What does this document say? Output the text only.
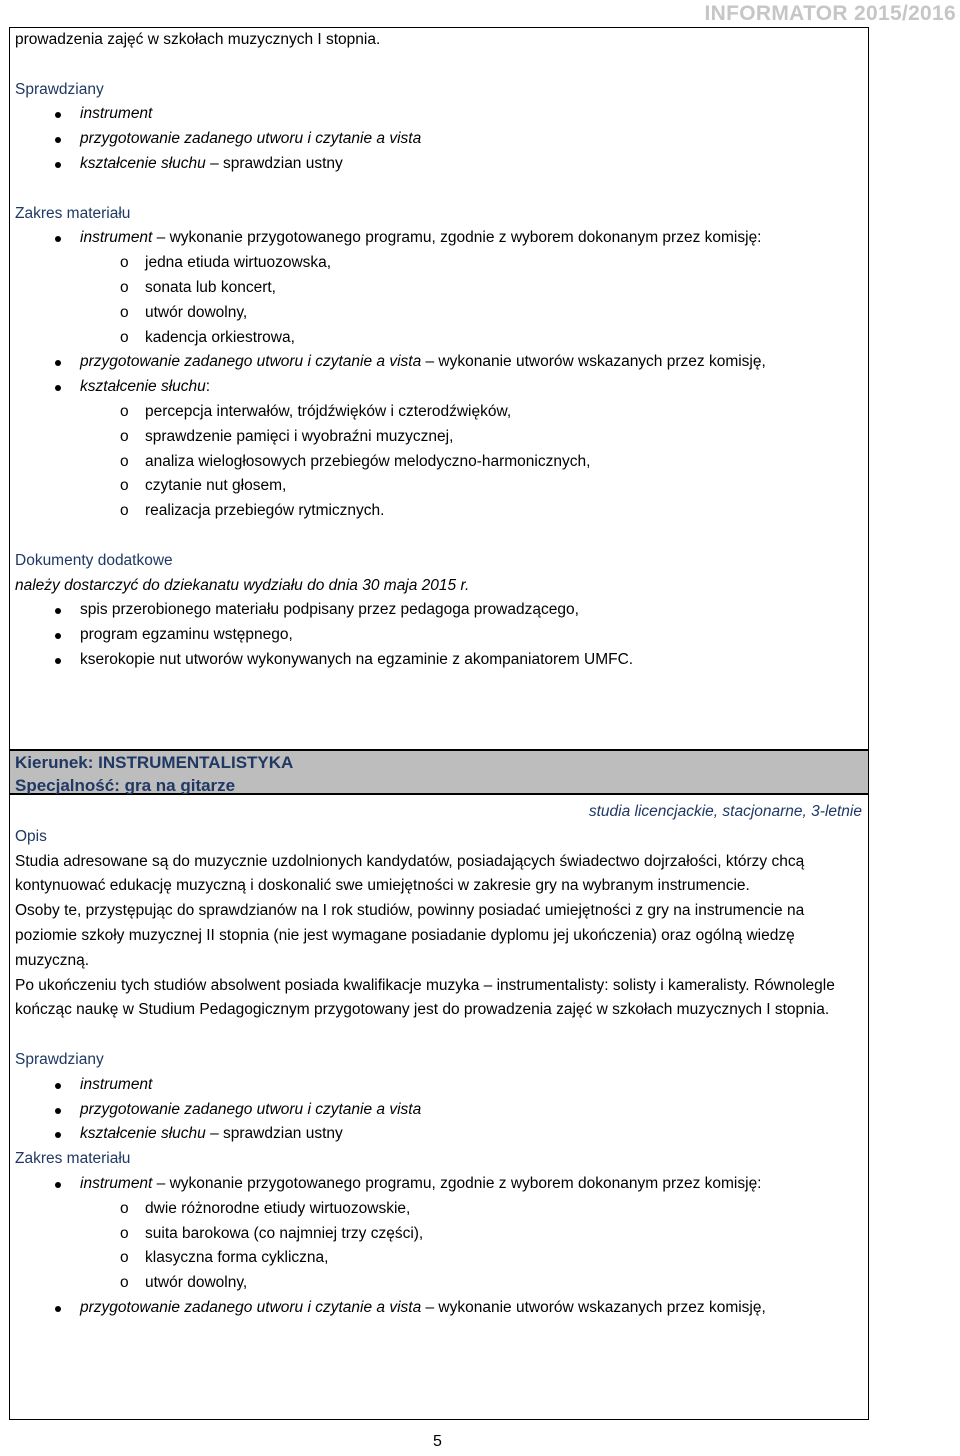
INFORMATOR 2015/2016

prowadzenia zajęć w szkołach muzycznych I stopnia.

Sprawdziany

instrument
przygotowanie zadanego utworu i czytanie a vista
kształcenie słuchu – sprawdzian ustny

Zakres materiału

instrument – wykonanie przygotowanego programu, zgodnie z wyborem dokonanym przez komisję:
o jedna etiuda wirtuozowska,
o sonata lub koncert,
o utwór dowolny,
o kadencja orkiestrowa,
przygotowanie zadanego utworu i czytanie a vista – wykonanie utworów wskazanych przez komisję,
kształcenie słuchu:
o percepcja interwałów, trójdźwięków i czterodźwięków,
o sprawdzenie pamięci i wyobraźni muzycznej,
o analiza wielogłosowych przebiegów melodyczno-harmonicznych,
o czytanie nut głosem,
o realizacja przebiegów rytmicznych.

Dokumenty dodatkowe

należy dostarczyć do dziekanatu wydziału do dnia 30 maja 2015 r.

spis przerobionego materiału podpisany przez pedagoga prowadzącego,
program egzaminu wstępnego,
kserokopie nut utworów wykonywanych na egzaminie z akompaniatorem UMFC.
Kierunek: INSTRUMENTALISTYKA
Specjalność: gra na gitarze

studia licencjackie, stacjonarne, 3-letnie

Opis

Studia adresowane są do muzycznie uzdolnionych kandydatów, posiadających świadectwo dojrzałości, którzy chcą kontynuować edukację muzyczną i doskonalić swe umiejętności w zakresie gry na wybranym instrumencie.

Osoby te, przystępując do sprawdzianów na I rok studiów, powinny posiadać umiejętności z gry na instrumencie na poziomie szkoły muzycznej II stopnia (nie jest wymagane posiadanie dyplomu jej ukończenia) oraz ogólną wiedzę muzyczną.

Po ukończeniu tych studiów absolwent posiada kwalifikacje muzyka – instrumentalisty: solisty i kameralisty. Równolegle kończąc naukę w Studium Pedagogicznym przygotowany jest do prowadzenia zajęć w szkołach muzycznych I stopnia.

Sprawdziany

instrument
przygotowanie zadanego utworu i czytanie a vista
kształcenie słuchu – sprawdzian ustny

Zakres materiału

instrument – wykonanie przygotowanego programu, zgodnie z wyborem dokonanym przez komisję:
o dwie różnorodne etiudy wirtuozowskie,
o suita barokowa (co najmniej trzy części),
o klasyczna forma cykliczna,
o utwór dowolny,
przygotowanie zadanego utworu i czytanie a vista – wykonanie utworów wskazanych przez komisję,
5
